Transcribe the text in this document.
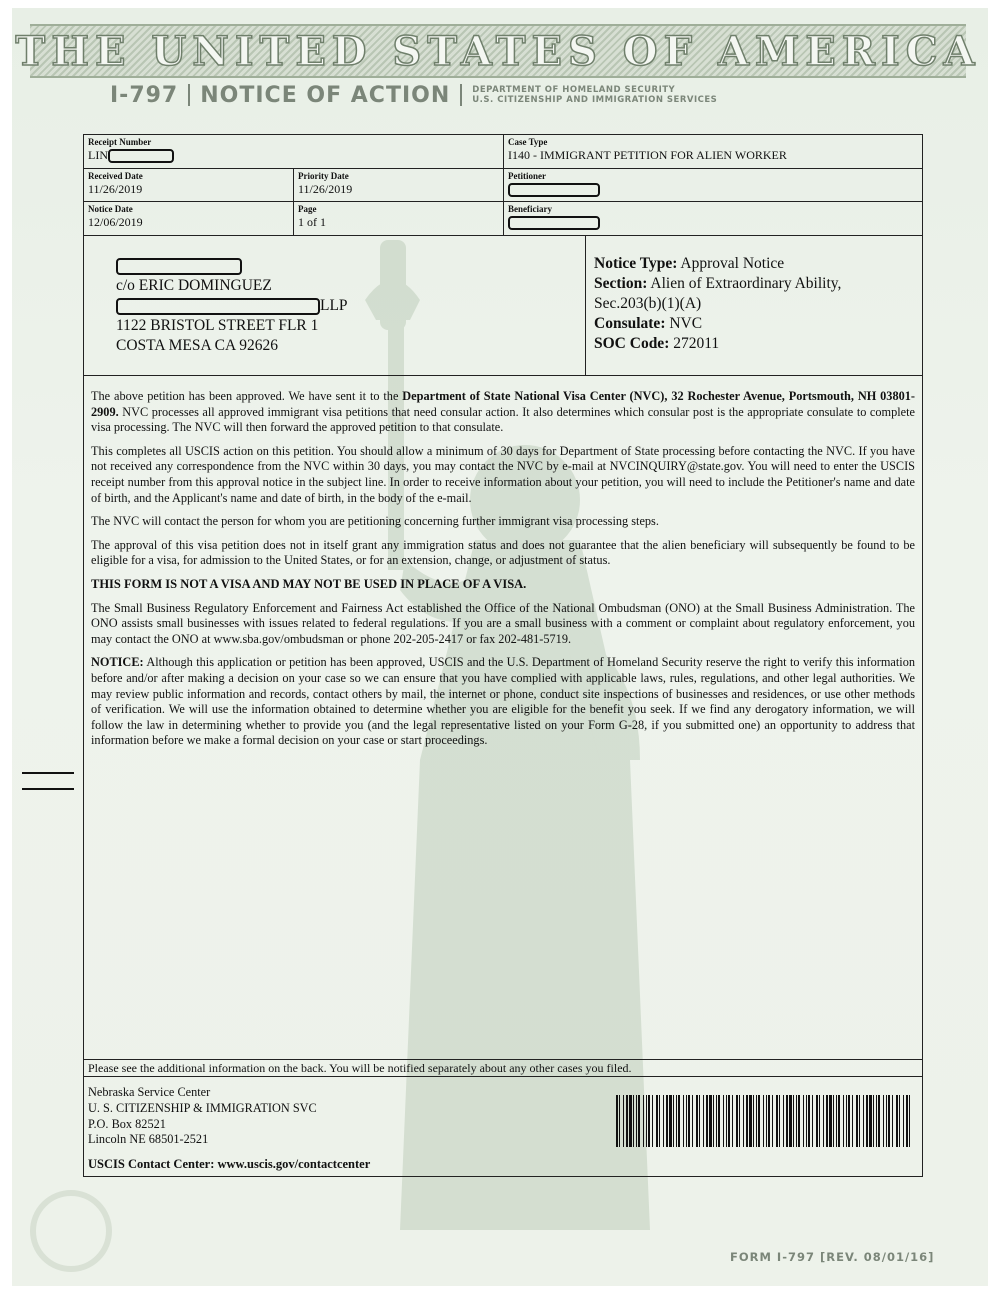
THE UNITED STATES OF AMERICA
I-797 NOTICE OF ACTION	DEPARTMENT OF HOMELAND SECURITY
U.S. CITIZENSHIP AND IMMIGRATION SERVICES
Receipt Number
LIN
Case Type
I140 - IMMIGRANT PETITION FOR ALIEN WORKER
Received Date
11/26/2019
Priority Date
11/26/2019
Petitioner
Notice Date
12/06/2019
Page
1 of 1
Beneficiary
c/o ERIC DOMINGUEZ
LLP
1122 BRISTOL STREET FLR 1
COSTA MESA CA 92626
Notice Type: Approval Notice
Section: Alien of Extraordinary Ability,
Sec.203(b)(1)(A)
Consulate: NVC
SOC Code: 272011

The above petition has been approved. We have sent it to the Department of State National Visa Center (NVC), 32 Rochester Avenue, Portsmouth, NH 03801-2909. NVC processes all approved immigrant visa petitions that need consular action. It also determines which consular post is the appropriate consulate to complete visa processing. The NVC will then forward the approved petition to that consulate.

This completes all USCIS action on this petition. You should allow a minimum of 30 days for Department of State processing before contacting the NVC. If you have not received any correspondence from the NVC within 30 days, you may contact the NVC by e-mail at NVCINQUIRY@state.gov. You will need to enter the USCIS receipt number from this approval notice in the subject line. In order to receive information about your petition, you will need to include the Petitioner's name and date of birth, and the Applicant's name and date of birth, in the body of the e-mail.

The NVC will contact the person for whom you are petitioning concerning further immigrant visa processing steps.

The approval of this visa petition does not in itself grant any immigration status and does not guarantee that the alien beneficiary will subsequently be found to be eligible for a visa, for admission to the United States, or for an extension, change, or adjustment of status.

THIS FORM IS NOT A VISA AND MAY NOT BE USED IN PLACE OF A VISA.

The Small Business Regulatory Enforcement and Fairness Act established the Office of the National Ombudsman (ONO) at the Small Business Administration. The ONO assists small businesses with issues related to federal regulations. If you are a small business with a comment or complaint about regulatory enforcement, you may contact the ONO at www.sba.gov/ombudsman or phone 202-205-2417 or fax 202-481-5719.

NOTICE: Although this application or petition has been approved, USCIS and the U.S. Department of Homeland Security reserve the right to verify this information before and/or after making a decision on your case so we can ensure that you have complied with applicable laws, rules, regulations, and other legal authorities. We may review public information and records, contact others by mail, the internet or phone, conduct site inspections of businesses and residences, or use other methods of verification. We will use the information obtained to determine whether you are eligible for the benefit you seek. If we find any derogatory information, we will follow the law in determining whether to provide you (and the legal representative listed on your Form G-28, if you submitted one) an opportunity to address that information before we make a formal decision on your case or start proceedings.

Please see the additional information on the back. You will be notified separately about any other cases you filed.
Nebraska Service Center
U. S. CITIZENSHIP & IMMIGRATION SVC
P.O. Box 82521
Lincoln NE 68501-2521
USCIS Contact Center: www.uscis.gov/contactcenter
FORM I-797 [REV. 08/01/16]
